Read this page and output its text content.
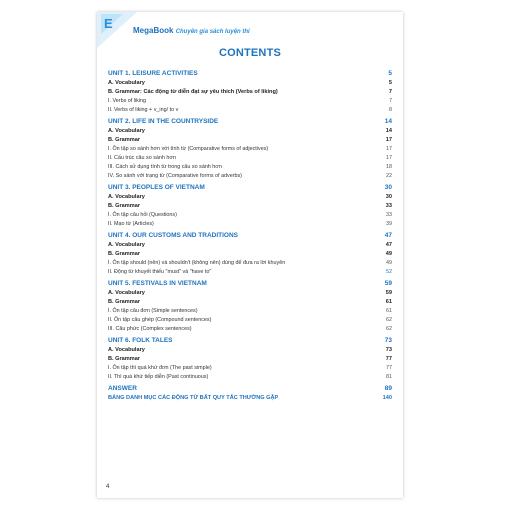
E	MegaBook Chuyên gia sách luyện thi
CONTENTS
UNIT 1. LEISURE ACTIVITIES	5
A. Vocabulary	5
B. Grammar: Các động từ diễn đạt sự yêu thích (Verbs of liking)	7
I. Verbs of liking	7
II. Verbs of liking + v_ing/ to v	8
UNIT 2. LIFE IN THE COUNTRYSIDE	14
A. Vocabulary	14
B. Grammar	17
I. Ôn tập so sánh hơn với tính từ (Comparative forms of adjectives)	17
II. Cấu trúc câu so sánh hơn	17
III. Cách sử dụng tính từ trong câu so sánh hơn	18
IV. So sánh với trạng từ (Comparative forms of adverbs)	22
UNIT 3. PEOPLES OF VIETNAM	30
A. Vocabulary	30
B. Grammar	33
I. Ôn tập câu hỏi (Questions)	33
II. Mạo từ (Articles)	39
UNIT 4. OUR CUSTOMS AND TRADITIONS	47
A. Vocabulary	47
B. Grammar	49
I. Ôn tập should (nên) và shouldn't (không nên) dùng để đưa ra lời khuyên	49
II. Động từ khuyết thiếu "must" và "have to"	52
UNIT 5. FESTIVALS IN VIETNAM	59
A. Vocabulary	59
B. Grammar	61
I. Ôn tập câu đơn (Simple sentences)	61
II. Ôn tập câu ghép (Compound sentences)	62
III. Câu phức (Complex sentences)	62
UNIT 6. FOLK TALES	73
A. Vocabulary	73
B. Grammar	77
I. Ôn tập thì quá khứ đơn (The past simple)	77
II. Thì quá khứ tiếp diễn (Past continuous)	81
ANSWER	89
BẢNG DANH MỤC CÁC ĐỘNG TỪ BẤT QUY TẮC THƯỜNG GẶP	140
4
